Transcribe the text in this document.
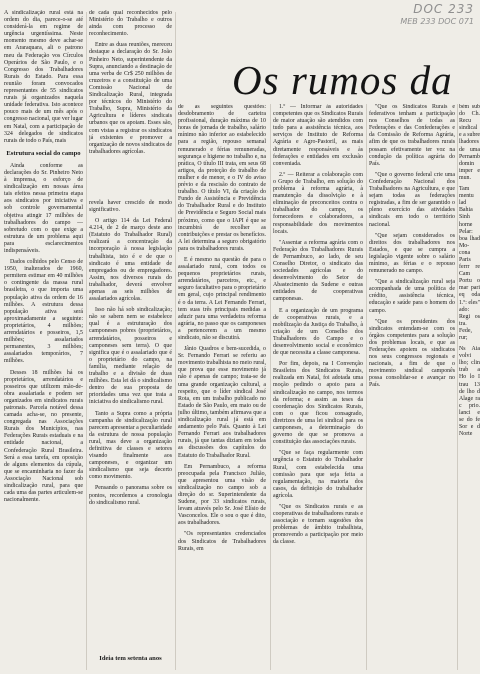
DOC 233
MEB 233 DOC 071
Os rumos da

A sindicalização rural está na ordem do dia, parece-o-se até considerá-la em regime de urgência urgentíssima. Neste momento mesmo deve achar-se em Araraquara, ali o patrono meu da Federação vos Círculos Operários de São Paulo, e o Congresso dos Trabalhadores Rurais do Estado. Para essa reunião foram convocados representantes de 55 sindicatos rurais já organizados naquela unidade federativa. Isto acontece pouco mais de um mês após o congresso nacional, que ver lugar em Natal, com a participação de 324 delegados de sindicatos rurais de todo o País, mais

Estrutura social do campo

Ainda conforme as declarações do Sr. Pinheiro Neto à imprensa, o esforço de sindicalização em nossas área tais efeitos nessa primeira etapa aos sindicatos por iniciativa e sob controle governamental objetiva atingir 17 milhões de trabalhadores do campo — sobretudo com o que exige a estrutura de um problema aqui para esclarecimentos indispensáveis.

Dados colhidos pelo Censo de 1950, inalterados de 1960, permitem estimar em 40 milhões o contingente da massa rural brasileira, o que importa uma população ativa da ordem de 16 milhões. A estrutura dessa população ativa será aproximadamente a seguinte: proprietários, 4 milhões; arrendatários e posseiros, 1,5 milhões; assalariados permanentes, 3 milhões; assalariados temporários, 7 milhões.

Desses 18 milhões há os proprietários, arrendatários e posseiros que utilizem mão-de-obra assalariada e podem ser organizados em sindicatos rurais patronais. Parcela notável dessa camada acha-se, no presente, congregada nas Associações Rurais dos Municípios, nas Federações Rurais estaduais e na entidade nacional, a Confederação Rural Brasileira. Será a essa tarefa, em oposição de alguns elementos da cúpula, que se encaminharia no fazer da Associação Nacional sob sindicalização rural, para que cada uma das partes articulem-se nacionalmente.

de cada qual reconhecidos pelo Ministério do Trabalho e outros ainda com processo de reconhecimento.

Entre as duas reuniões, mereceu destaque a declaração do Sr. João Pinheiro Neto, superintendente da Supra, anunciando a destinação de uma verba de Cr$ 250 milhões de cruzeiros e a constituição de uma Comissão Nacional de Sindicalização Rural, integrada por técnicos do Ministério do Trabalho, Supra, Ministério da Agricultura e líderes sindicais urbanos que os apoiam. Esses são, com vistas a registrar os sindicatos já existentes e promover a organização de novos sindicatos de trabalhadores agrícolas.

revela haver crescido de modo significativo.

O artigo 114 da Lei Federal 4.214, de 2 de março deste ano (Estatuto do Trabalhador Rural) realizará a concentração da incorporação à nossa legislação trabalhista, isto é e de que o sindicato é uma entidade de empregados ou de empregadores. Assim, nos diversos rurais do trabalhador, deverá envolver apenas as seis milhões de assalariados agrícolas.

Isso não há sob sindicalização; não se sabem nem se estabelece qual é a estruturação dos camponeses pobres (proprietários, arrendatários, posseiros e camponeses sem terra). O que significa que é o assalariado que é o proprietário do campo, na família, mediante relação de trabalho e a divisão de duas milhões. Esta lei dá o sindicalismo dentro de sua proposta de prioridades uma vez que trata a iniciativa do sindicalismo rural.

Tanto a Supra como a própria campanha de sindicalização rural parecem apresentar a peculiaridade da estrutura de nossa população rural, mas deve a organização definitiva de classes e setores visando finalmente aos camponeses, e organizar um sindicalismo que seja decerto como movimento.

Pensando o panorama sobre os pontos, recordemos a cronologia do sindicalismo rural.

Ideia tem setenta anos

de as seguintes questões: desdobramento de carteira profissional, duração máxima de 10 horas de jornada de trabalho, salário mínimo não inferior ao estabelecido para a região, repouso semanal remunerado e férias remuneradas, segurança e higiene no trabalho e, na prática, O título III trata, em seus 68 artigos, da proteção do trabalho de mulher e de menor, e o IV do aviso prévio e da rescisão do contrato de trabalho. O título VI, da criação do Fundo de Assistência e Previdência do Trabalhador Rural e do Instituto de Previdência e Seguro Social mais próximo, como que o IAPI é que se incumbirá de recolher as contribuições e prestar os benefícios. A lei determina a seguro obrigatório para os trabalhadores rurais.

E é mesmo na questão de para o assalariado rural, com todos os pequenos proprietários rurais, arrendatários, parceiros, etc., e seguro facultativo para o proprietário em geral, cujo principal rendimento é o da terra. A Lei Fernando Ferrari, tem suas três principais medidas a aduzir para uma verdadeira reforma agrária, no passo que os camponeses a pertencerem a um mesmo sindicato, não se discutirá.

Jânio Quadros e bem-sucedida, o Sr. Fernando Ferrari se referiu ao movimento trabalhista no meio rural, que prova que esse movimento já não é apenas de campo; trata-se de uma grande organização cultural, a respeito, que o líder sindical José Rota, em um trabalho publicado no Estado de São Paulo, em maio ou de julho último, também afirmava que a sindicalização rural já está em andamento pelo País. Quanto à Lei Fernando Ferrari aos trabalhadores rurais, já que tantas diziam em todas as discussões dos capítulos do Estatuto do Trabalhador Rural.

Em Pernambuco, a reforma preocupada pela Francisco Julião, que apresentou uma visão de sindicalização no campo sob a direção do sr. Superintendente da Sudene, por 33 sindicatos rurais, levam através pelo Sr. José Elísio de Vasconcelos. Ele o sou o que é dito, aos trabalhadores.

"Os representantes credenciados dos Sindicatos de Trabalhadores Rurais, em

1.º — Informar às autoridades competentes que os Sindicatos Rurais de maior atuação são atendidos com tudo para a assistência técnica, aos serviços de Instituto de Reforma Agrária e Agro-Pastoril, as mais diretamente responsáveis e às federações e entidades em exclusão conveniada.

2.º — Reiterar a colaboração com o Grupo de Trabalho, em solução do problema à reforma agrária, à manutenção da dissolvição e à eliminação de preconceitos contra o trabalhador do campo, os fornecedores e colaboradores, a responsabilidade dos movimentos locais.

"Assentar a reforma agrária com o Federação dos Trabalhadores Rurais de Pernambuco, ao lado, de seu Conselho Diretor, o sindicato das sociedades agrícolas e do desenvolvimento do Setor de Abastecimento da Sudene e outras entidades de cooperativas camponesas.

E a organização de um programa de cooperativas rurais, e a mobilização da Justiça do Trabalho, à criação de um Conselho dos Trabalhadores do Campo e o desenvolvimento social e econômico de que necessita a classe camponesa.

Por fim, depois, na I Convenção Brasileira dos Sindicatos Rurais, realizada em Natal, foi adotada uma moção pedindo o apoio para a sindicalização no campo, nos termos da reforma; e assim as teses da coordenação dos Sindicatos Rurais, com o que ficou consagrado, diretrizes de uma lei sindical para os camponeses, a determinação do governo de que se promova a constituição das associações rurais.

"Que se faça regularmente com urgência o Estatuto do Trabalhador Rural, com estabelecida uma comissão para que seja feita a regulamentação, na maioria dos casos, da definição do trabalhador agrícola.

"Que os Sindicatos rurais e as cooperativas de trabalhadores rurais e associação e tornam sugestões dos problemas de âmbito trabalhista, promovendo a participação por meio da classe.

"Que os Sindicatos Rurais e federativos tenham a participação nos Conselhos de todas as Federações e das Confederações e da Comissão de Reforma Agrária, afim de que os trabalhadores rurais possam efetivamente ter voz na condução da política agrária do País.

"Que o governo federal crie uma Confederação Nacional dos Trabalhadores na Agricultura, e que sejam todas as federações registradas, a fim de ser garantido o pleno exercício das atividades sindicais em todo o território nacional.

"Que sejam considerados os direitos dos trabalhadores nos Estados, e que se cumpra a legislação vigente sobre o salário mínimo, as férias e o repouso remunerado no campo.

"Que a sindicalização rural seja acompanhada de uma política de crédito, assistência técnica, educação e saúde para o homem do campo.

"Que os presidentes dos sindicatos entendam-se com os órgãos competentes para a solução dos problemas locais, e que as Federações apoiem os sindicatos nos seus congressos regionais e nacionais, a fim de que o movimento sindical camponês possa consolidar-se e avançar no País.

bém sub do Ch. Recu sindical e a subre lhadores de uma Pernamb domin imper e mun.

Tam mentu lad Bahia Sinh horne Pelar: boa lhad Mo-cona Paris ferrr re Cam Portu o mar pari eq oda 1.º: eles" ado: Regi os tra. Fede, rur;

Ns Aia volvi lho; clin trab a Ho lo I trau 13 de lho d Alage ra c prio. lanci e se do fe Sor e d Norte
